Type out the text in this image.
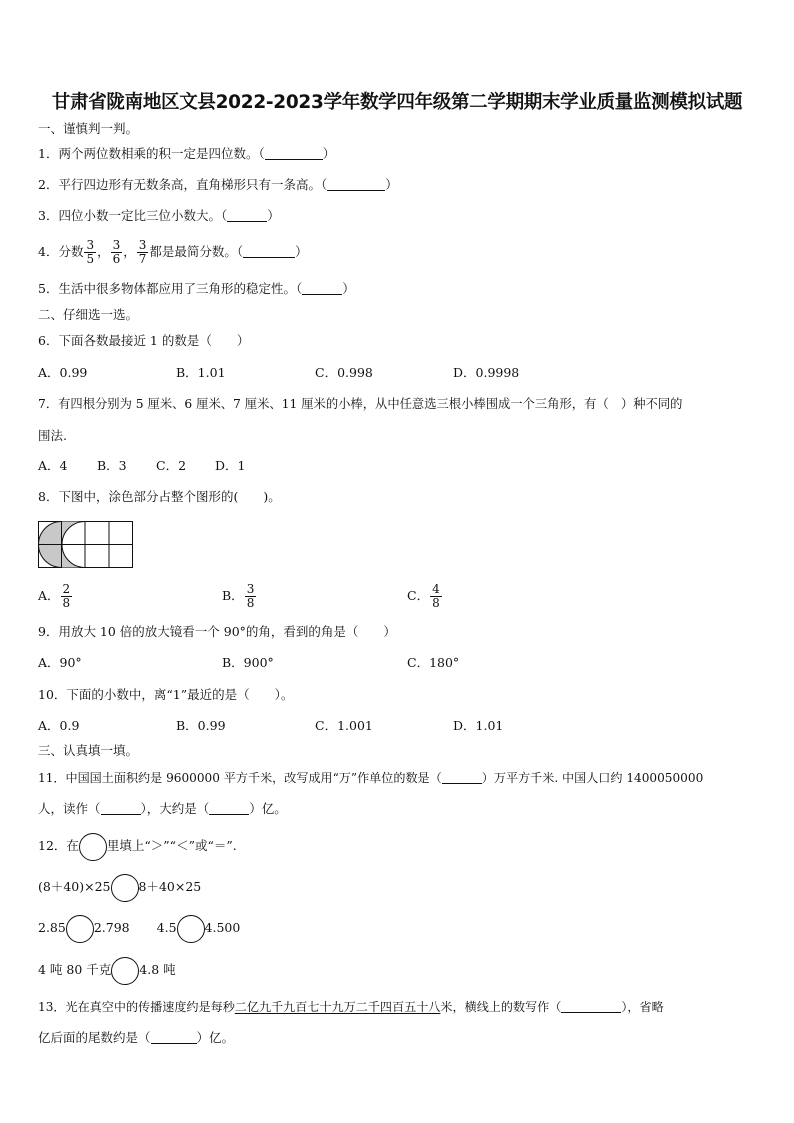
甘肃省陇南地区文县2022-2023学年数学四年级第二学期期末学业质量监测模拟试题
一、谨慎判一判。
1．两个两位数相乘的积一定是四位数。（	）
2．平行四边形有无数条高，直角梯形只有一条高。（	）
3．四位小数一定比三位小数大。（	）
4．分数 $\frac{3}{5}$ ， $\frac{3}{6}$ ， $\frac{3}{7}$ 都是最简分数。（	）
5．生活中很多物体都应用了三角形的稳定性。（	）
二、仔细选一选。
6．下面各数最接近 1 的数是（　　）
A．0.99	B．1.01	C．0.998	D．0.9998
7．有四根分别为 5 厘米、6 厘米、7 厘米、11 厘米的小棒，从中任意选三根小棒围成一个三角形，有（　）种不同的
围法.
A．4 B．3 C．2 D．1
8．下图中，涂色部分占整个图形的(　　)。
A． $\frac{2}{8}$	B． $\frac{3}{8}$	C． $\frac{4}{8}$
9．用放大 10 倍的放大镜看一个 90°的角，看到的角是（　　）
A．90°	B．900°	C．180°
10．下面的小数中，离“1”最近的是（　　）。
A．0.9	B．0.99	C．1.001	D．1.01
三、认真填一填。
11．中国国土面积约是 9600000 平方千米，改写成用“万”作单位的数是（	）万平方千米. 中国人口约 1400050000
人，读作（	），大约是（	）亿。
12．在 里填上“＞”“＜”或“＝”.
(8＋40)×25 8＋40×25
2.85 2.798 4.5 4.500
4 吨 80 千克 4.8 吨
13．光在真空中的传播速度约是每秒二亿九千九百七十九万二千四百五十八米，横线上的数写作（	），省略
亿后面的尾数约是（	）亿。
